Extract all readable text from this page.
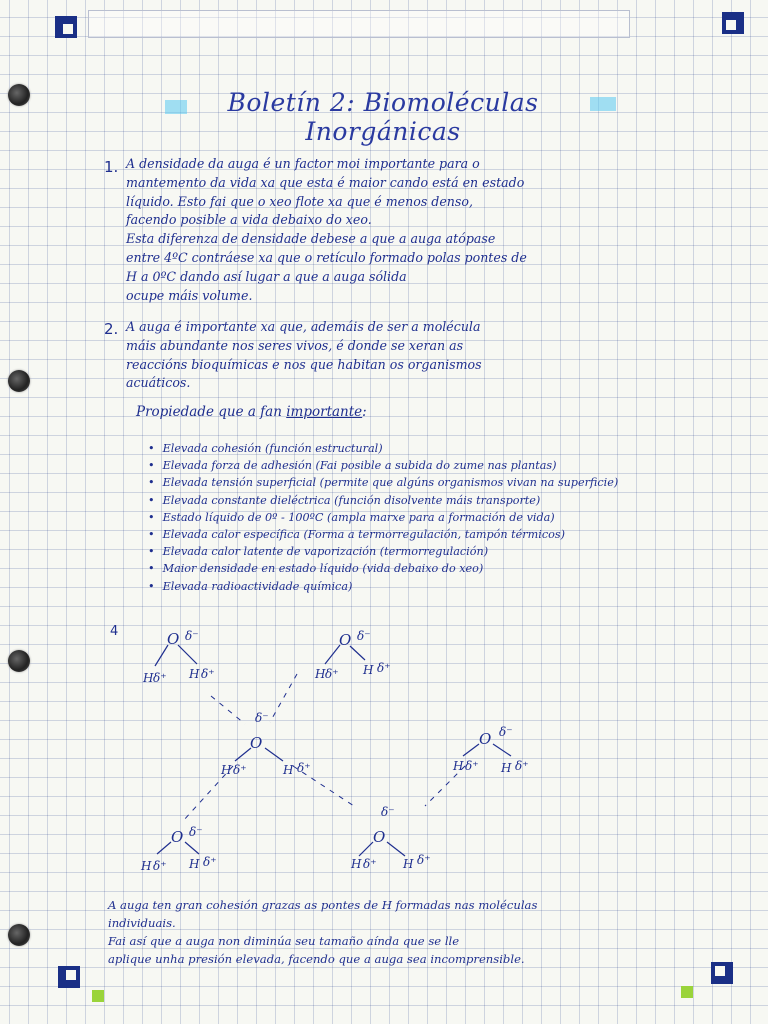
Boletín 2: Biomoléculas Inorgánicas
1. A densidade da auga é un factor moi importante para o
mantemento da vida xa que esta é maior cando está en estado
líquido. Esto fai que o xeo flote xa que é menos denso,
facendo posible a vida debaixo do xeo.
Esta diferenza de densidade debese a que a auga atópase
entre 4ºC contráese xa que o retículo formado polas pontes de
H a 0ºC dando así lugar a que a auga sólida
ocupe máis volume.
2. A auga é importante xa que, ademáis de ser a molécula
máis abundante nos seres vivos, é donde se xeran as
reaccións bioquímicas e nos que habitan os organismos
acuáticos.
Propiedade que a fan importante:
• Elevada cohesión (función estructural)
• Elevada forza de adhesión (Fai posible a subida do zume nas plantas)
• Elevada tensión superficial (permite que algúns organismos vivan na superficie)
• Elevada constante dieléctrica (función disolvente máis transporte)
• Estado líquido de 0º - 100ºC (ampla marxe para a formación de vida)
• Elevada calor específica (Forma a termorregulación, tampón térmicos)
• Elevada calor latente de vaporización (termorregulación)
• Maior densidade en estado líquido (vida debaixo do xeo)
• Elevada radioactividade química)
4	O	O
O	O
O	O
δ⁻	δ⁻
δ⁻
δ⁻
δ⁻
δ⁻
H δ⁺ H δ⁺	H δ⁺ H δ⁺
H δ⁺	H δ⁺	H δ⁺ H δ⁺
H δ⁺ H δ⁺	H δ⁺ H δ⁺
A auga ten gran cohesión grazas as pontes de H formadas nas moléculas
individuais.
Fai así que a auga non diminúa seu tamaño aínda que se lle
aplique unha presión elevada, facendo que a auga sea incomprensible.
